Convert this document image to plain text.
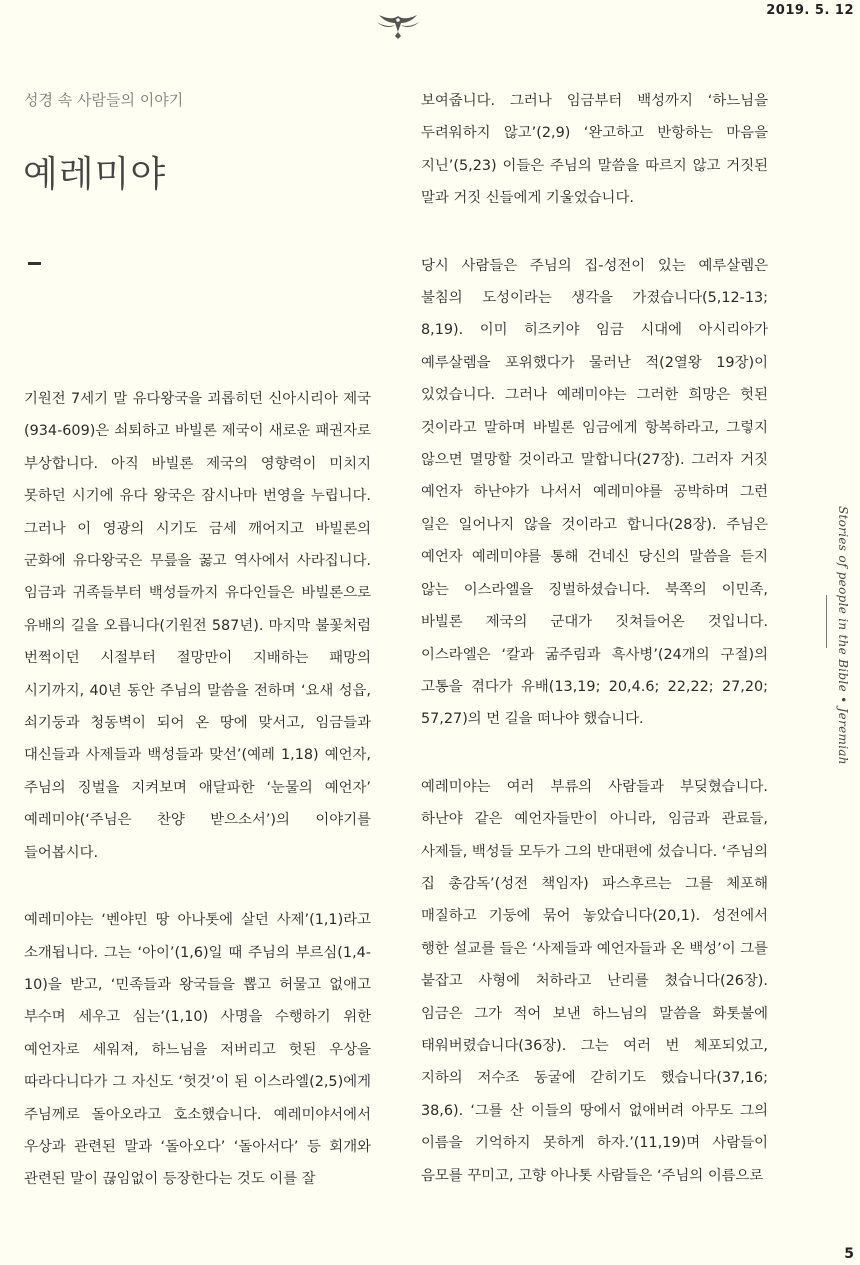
2019. 5. 12
성경 속 사람들의 이야기
예레미야

기원전 7세기 말 유다왕국을 괴롭히던 신아시리아 제국(934-609)은 쇠퇴하고 바빌론 제국이 새로운 패권자로 부상합니다. 아직 바빌론 제국의 영향력이 미치지 못하던 시기에 유다 왕국은 잠시나마 번영을 누립니다. 그러나 이 영광의 시기도 금세 깨어지고 바빌론의 군화에 유다왕국은 무릎을 꿇고 역사에서 사라집니다. 임금과 귀족들부터 백성들까지 유다인들은 바빌론으로 유배의 길을 오릅니다(기원전 587년). 마지막 불꽃처럼 번쩍이던 시절부터 절망만이 지배하는 패망의 시기까지, 40년 동안 주님의 말씀을 전하며 ‘요새 성읍, 쇠기둥과 청동벽이 되어 온 땅에 맞서고, 임금들과 대신들과 사제들과 백성들과 맞선’(예레 1,18) 예언자, 주님의 징벌을 지켜보며 애달파한 ‘눈물의 예언자’ 예레미야(‘주님은 찬양 받으소서’)의 이야기를 들어봅시다.

예레미야는 ‘벤야민 땅 아나톳에 살던 사제’(1,1)라고 소개됩니다. 그는 ‘아이’(1,6)일 때 주님의 부르심(1,4-10)을 받고, ‘민족들과 왕국들을 뽑고 허물고 없애고 부수며 세우고 심는’(1,10) 사명을 수행하기 위한 예언자로 세워져, 하느님을 저버리고 헛된 우상을 따라다니다가 그 자신도 ‘헛것’이 된 이스라엘(2,5)에게 주님께로 돌아오라고 호소했습니다. 예레미야서에서 우상과 관련된 말과 ‘돌아오다’ ‘돌아서다’ 등 회개와 관련된 말이 끊임없이 등장한다는 것도 이를 잘

보여줍니다. 그러나 임금부터 백성까지 ‘하느님을 두려워하지 않고’(2,9) ‘완고하고 반항하는 마음을 지닌’(5,23) 이들은 주님의 말씀을 따르지 않고 거짓된 말과 거짓 신들에게 기울었습니다.

당시 사람들은 주님의 집-성전이 있는 예루살렘은 불침의 도성이라는 생각을 가졌습니다(5,12-13; 8,19). 이미 히즈키야 임금 시대에 아시리아가 예루살렘을 포위했다가 물러난 적(2열왕 19장)이 있었습니다. 그러나 예레미야는 그러한 희망은 헛된 것이라고 말하며 바빌론 임금에게 항복하라고, 그렇지 않으면 멸망할 것이라고 말합니다(27장). 그러자 거짓 예언자 하난야가 나서서 예레미야를 공박하며 그런 일은 일어나지 않을 것이라고 합니다(28장). 주님은 예언자 예레미야를 통해 건네신 당신의 말씀을 듣지 않는 이스라엘을 징벌하셨습니다. 북쪽의 이민족, 바빌론 제국의 군대가 짓쳐들어온 것입니다. 이스라엘은 ‘칼과 굶주림과 흑사병’(24개의 구절)의 고통을 겪다가 유배(13,19; 20,4.6; 22,22; 27,20; 57,27)의 먼 길을 떠나야 했습니다.

예레미야는 여러 부류의 사람들과 부딪혔습니다. 하난야 같은 예언자들만이 아니라, 임금과 관료들, 사제들, 백성들 모두가 그의 반대편에 섰습니다. ‘주님의 집 총감독’(성전 책임자) 파스후르는 그를 체포해 매질하고 기둥에 묶어 놓았습니다(20,1). 성전에서 행한 설교를 들은 ‘사제들과 예언자들과 온 백성’이 그를 붙잡고 사형에 처하라고 난리를 쳤습니다(26장). 임금은 그가 적어 보낸 하느님의 말씀을 화톳불에 태워버렸습니다(36장). 그는 여러 번 체포되었고, 지하의 저수조 동굴에 갇히기도 했습니다(37,16; 38,6). ‘그를 산 이들의 땅에서 없애버려 아무도 그의 이름을 기억하지 못하게 하자.’(11,19)며 사람들이 음모를 꾸미고, 고향 아나톳 사람들은 ‘주님의 이름으로

Stories of people in the Bible • Jeremiah
5
